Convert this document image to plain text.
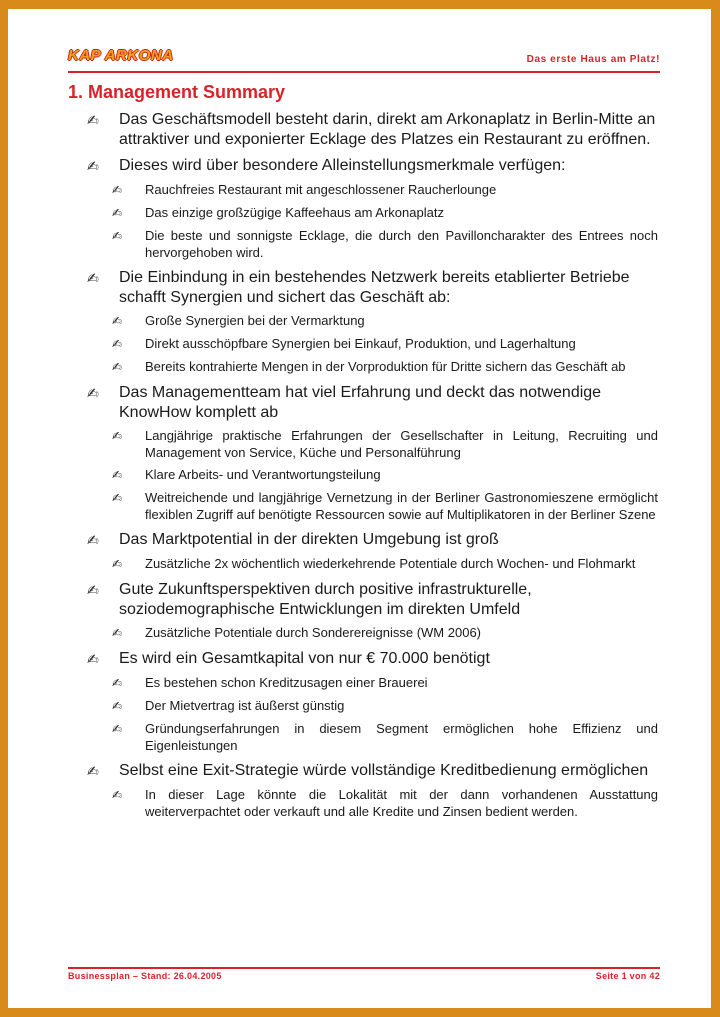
KAP ARKONA	Das erste Haus am Platz!
1. Management Summary
✍	Das Geschäftsmodell besteht darin, direkt am Arkonaplatz in Berlin-Mitte an attraktiver und exponierter Ecklage des Platzes ein Restaurant zu eröffnen.
✍	Dieses wird über besondere Alleinstellungsmerkmale verfügen:
✍	Rauchfreies Restaurant mit angeschlossener Raucherlounge
✍	Das einzige großzügige Kaffeehaus am Arkonaplatz
✍	Die beste und sonnigste Ecklage, die durch den Pavilloncharakter des Entrees noch hervorgehoben wird.
✍	Die Einbindung in ein bestehendes Netzwerk bereits etablierter Betriebe schafft Synergien und sichert das Geschäft ab:
✍	Große Synergien bei der Vermarktung
✍	Direkt ausschöpfbare Synergien bei Einkauf, Produktion, und Lagerhaltung
✍	Bereits kontrahierte Mengen in der Vorproduktion für Dritte sichern das Geschäft ab
✍	Das Managementteam hat viel Erfahrung und deckt das notwendige KnowHow komplett ab
✍	Langjährige praktische Erfahrungen der Gesellschafter in Leitung, Recruiting und Management von Service, Küche und Personalführung
✍	Klare Arbeits- und Verantwortungsteilung
✍	Weitreichende und langjährige Vernetzung in der Berliner Gastronomieszene ermöglicht flexiblen Zugriff auf benötigte Ressourcen sowie auf Multiplikatoren in der Berliner Szene
✍	Das Marktpotential in der direkten Umgebung ist groß
✍	Zusätzliche 2x wöchentlich wiederkehrende Potentiale durch Wochen- und Flohmarkt
✍	Gute Zukunftsperspektiven durch positive infrastrukturelle, soziodemographische Entwicklungen im direkten Umfeld
✍	Zusätzliche Potentiale durch Sonderereignisse (WM 2006)
✍	Es wird ein Gesamtkapital von nur € 70.000 benötigt
✍	Es bestehen schon Kreditzusagen einer Brauerei
✍	Der Mietvertrag ist äußerst günstig
✍	Gründungserfahrungen in diesem Segment ermöglichen hohe Effizienz und Eigenleistungen
✍	Selbst eine Exit-Strategie würde vollständige Kreditbedienung ermöglichen
✍	In dieser Lage könnte die Lokalität mit der dann vorhandenen Ausstattung weiterverpachtet oder verkauft und alle Kredite und Zinsen bedient werden.
Businessplan – Stand: 26.04.2005	Seite 1 von 42
